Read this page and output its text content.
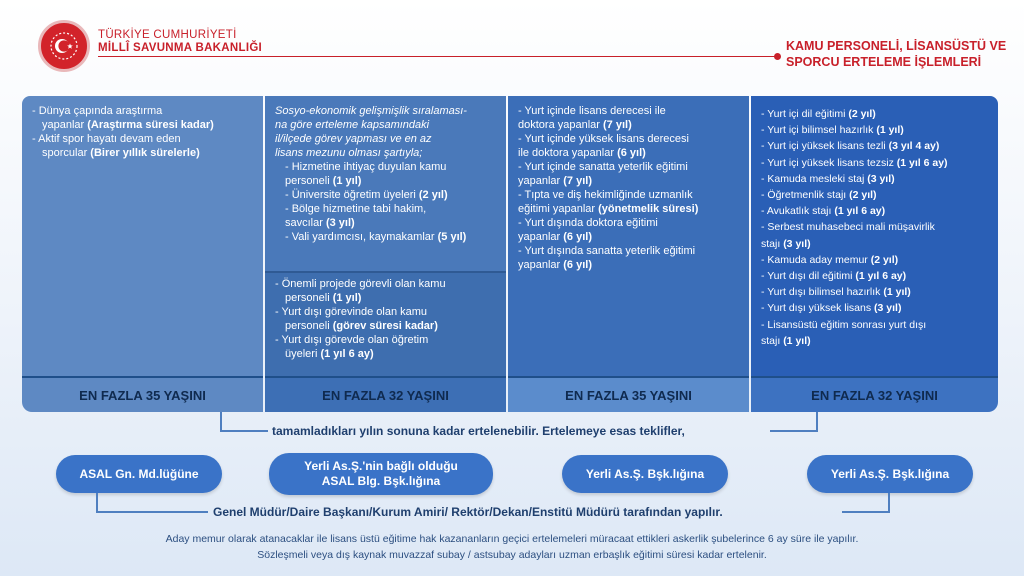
TÜRKİYE CUMHURİYETİ
MİLLÎ SAVUNMA BAKANLIĞI	KAMU PERSONELİ, LİSANSÜSTÜ VE
SPORCU ERTELEME İŞLEMLERİ
- Dünya çapında araştırma
yapanlar (Araştırma süresi kadar)
- Aktif spor hayatı devam eden
sporcular (Birer yıllık sürelerle)
Sosyo-ekonomik gelişmişlik sıralaması-
na göre erteleme kapsamındaki
il/ilçede görev yapması ve en az
lisans mezunu olması şartıyla;
- Hizmetine ihtiyaç duyulan kamu
personeli (1 yıl)
- Üniversite öğretim üyeleri (2 yıl)
- Bölge hizmetine tabi hakim,
savcılar (3 yıl)
- Vali yardımcısı, kaymakamlar (5 yıl)
- Önemli projede görevli olan kamu
personeli (1 yıl)
- Yurt dışı görevinde olan kamu
personeli (görev süresi kadar)
- Yurt dışı görevde olan öğretim
üyeleri (1 yıl 6 ay)
- Yurt içinde lisans derecesi ile
doktora yapanlar (7 yıl)
- Yurt içinde yüksek lisans derecesi
ile doktora yapanlar (6 yıl)
- Yurt içinde sanatta yeterlik eğitimi
yapanlar (7 yıl)
- Tıpta ve diş hekimliğinde uzmanlık
eğitimi yapanlar (yönetmelik süresi)
- Yurt dışında doktora eğitimi
yapanlar (6 yıl)
- Yurt dışında sanatta yeterlik eğitimi
yapanlar (6 yıl)
- Yurt içi dil eğitimi (2 yıl)
- Yurt içi bilimsel hazırlık (1 yıl)
- Yurt içi yüksek lisans tezli (3 yıl 4 ay)
- Yurt içi yüksek lisans tezsiz (1 yıl 6 ay)
- Kamuda mesleki staj (3 yıl)
- Öğretmenlik stajı (2 yıl)
- Avukatlık stajı (1 yıl 6 ay)
- Serbest muhasebeci mali müşavirlik
stajı (3 yıl)
- Kamuda aday memur (2 yıl)
- Yurt dışı dil eğitimi (1 yıl 6 ay)
- Yurt dışı bilimsel hazırlık (1 yıl)
- Yurt dışı yüksek lisans (3 yıl)
- Lisansüstü eğitim sonrası yurt dışı
stajı (1 yıl)
EN FAZLA 35 YAŞINI	EN FAZLA 32 YAŞINI	EN FAZLA 35 YAŞINI	EN FAZLA 32 YAŞINI
tamamladıkları yılın sonuna kadar ertelenebilir. Ertelemeye esas teklifler,
ASAL Gn. Md.lüğüne
Yerli As.Ş.'nin bağlı olduğu
ASAL Blg. Bşk.lığına
Yerli As.Ş. Bşk.lığına	Yerli As.Ş. Bşk.lığına
Genel Müdür/Daire Başkanı/Kurum Amiri/ Rektör/Dekan/Enstitü Müdürü tarafından yapılır.
Aday memur olarak atanacaklar ile lisans üstü eğitime hak kazananların geçici ertelemeleri müracaat ettikleri askerlik şubelerince 6 ay süre ile yapılır.
Sözleşmeli veya dış kaynak muvazzaf subay / astsubay adayları uzman erbaşlık eğitimi süresi kadar ertelenir.
